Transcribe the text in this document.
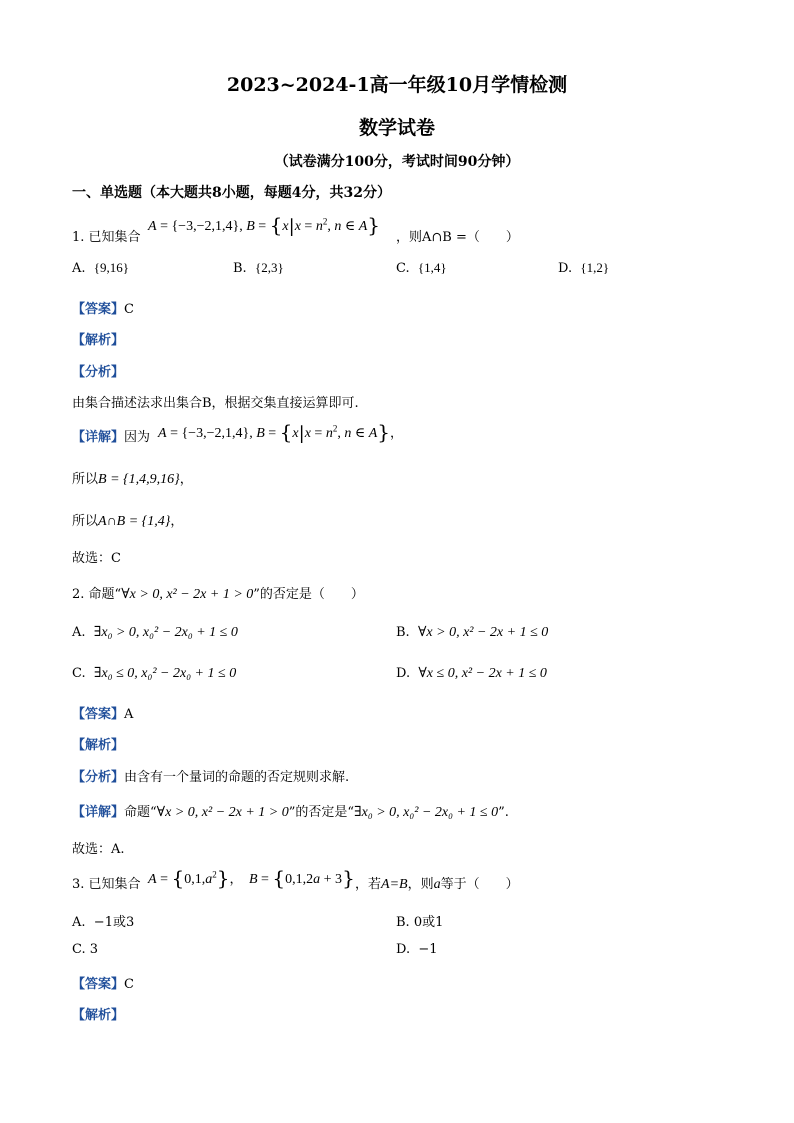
2023~2024-1高一年级10月学情检测
数学试卷
（试卷满分100分，考试时间90分钟）
一、单选题（本大题共8小题，每题4分，共32分）
1. 已知集合
A = {−3,−2,1,4}, $B = \{x|x = n^2$, n ∈ A}
，则A∩B =（　　）
A. {9,16}	B. {2,3}	C. {1,4}	D. {1,2}
【答案】C
【解析】
【分析】
由集合描述法求出集合B，根据交集直接运算即可.
【详解】因为 A = {−3,−2,1,4}, $B = \{x|x = n^2$, n ∈ A}，
所以B = {1,4,9,16}，
所以A∩B = {1,4}，
故选：C
2. 命题“∀x > 0, x² − 2x + 1 > 0”的否定是（　　）
A. ∃x₀ > 0, x₀² − 2x₀ + 1 ≤ 0	B. ∀x > 0, x² − 2x + 1 ≤ 0
C. ∃x₀ ≤ 0, x₀² − 2x₀ + 1 ≤ 0	D. ∀x ≤ 0, x² − 2x + 1 ≤ 0
【答案】A
【解析】
【分析】由含有一个量词的命题的否定规则求解.
【详解】命题“∀x > 0, x² − 2x + 1 > 0”的否定是“∃x₀ > 0, x₀² − 2x₀ + 1 ≤ 0”.
故选：A.
3. 已知集合 $A = \{0,1,a^2\}$，  B = {0,1,2a + 3} ，若A=B，则a等于（　　）
A. −1或3	B. 0或1
C. 3	D. −1
【答案】C
【解析】
